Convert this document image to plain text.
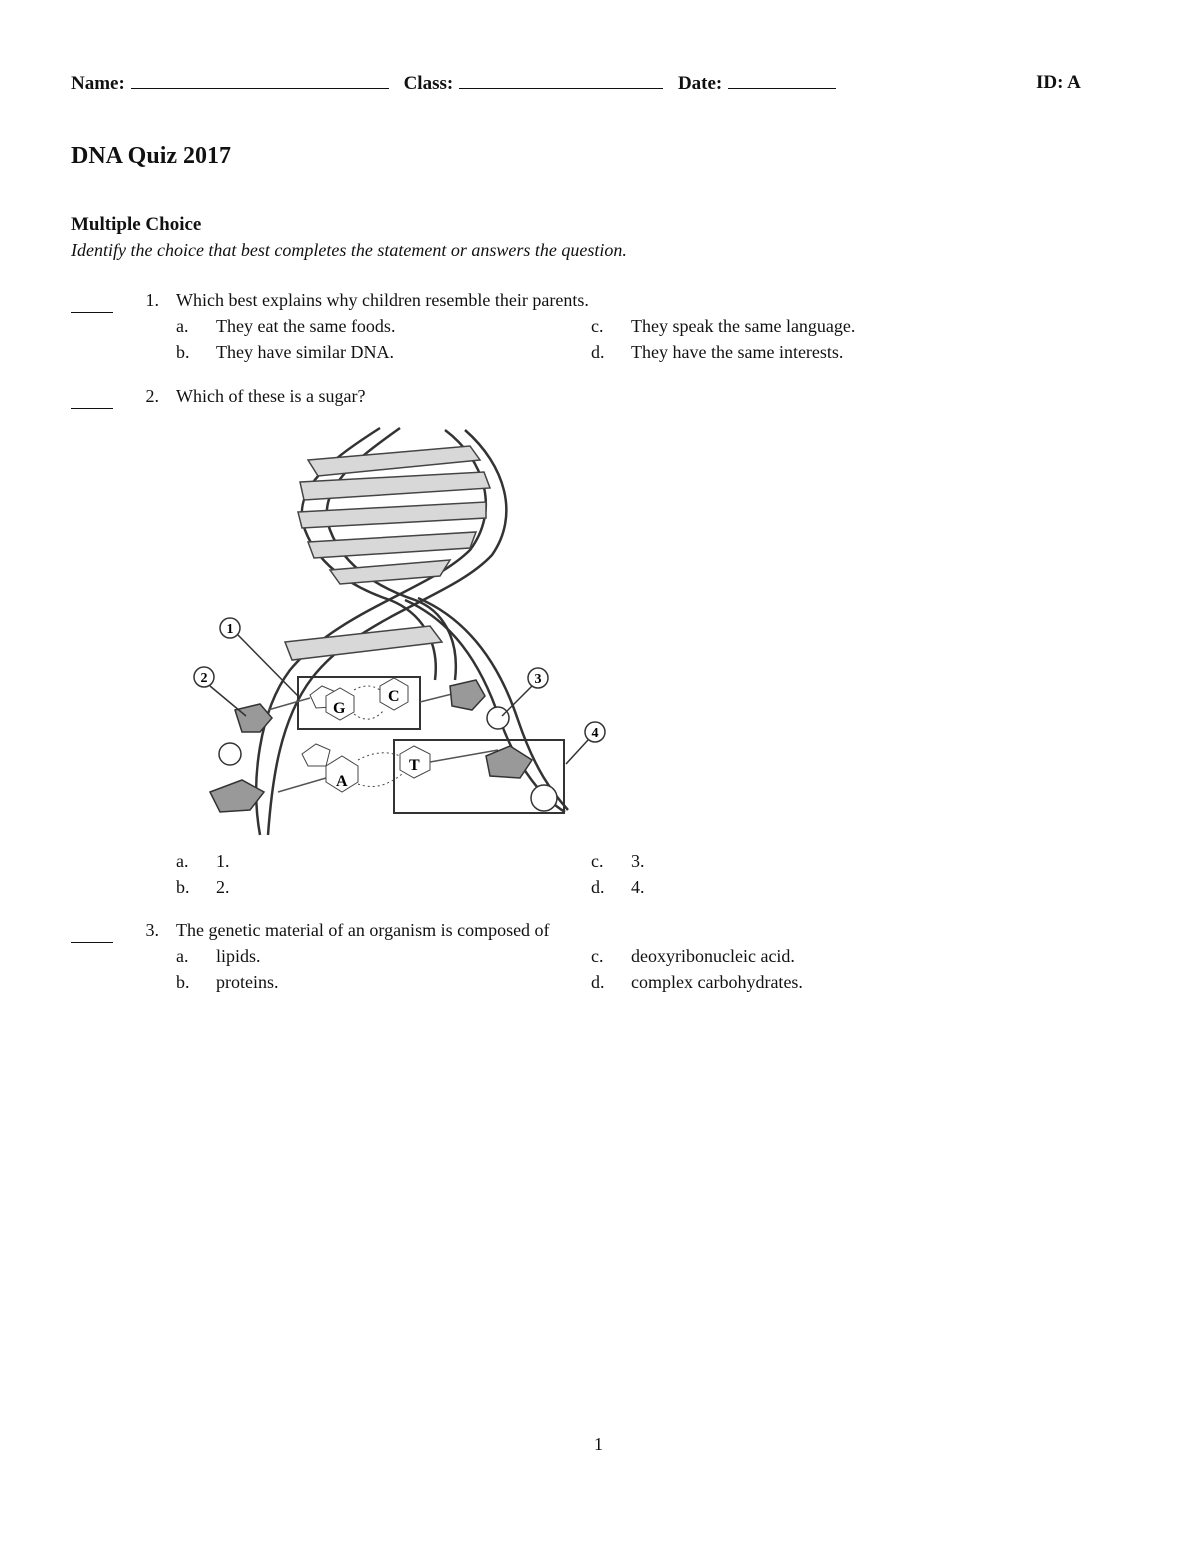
Name:	Class:	Date:	ID: A
DNA Quiz 2017
Multiple Choice
Identify the choice that best completes the statement or answers the question.
1. Which best explains why children resemble their parents.
a. They eat the same foods.
b. They have similar DNA.
c. They speak the same language.
d. They have the same interests.
2. Which of these is a sugar?
G
C
A
T
1
2	3
4
a. 1.
b. 2.
c. 3.
d. 4.
3. The genetic material of an organism is composed of
a. lipids.
b. proteins.
c. deoxyribonucleic acid.
d. complex carbohydrates.
1
